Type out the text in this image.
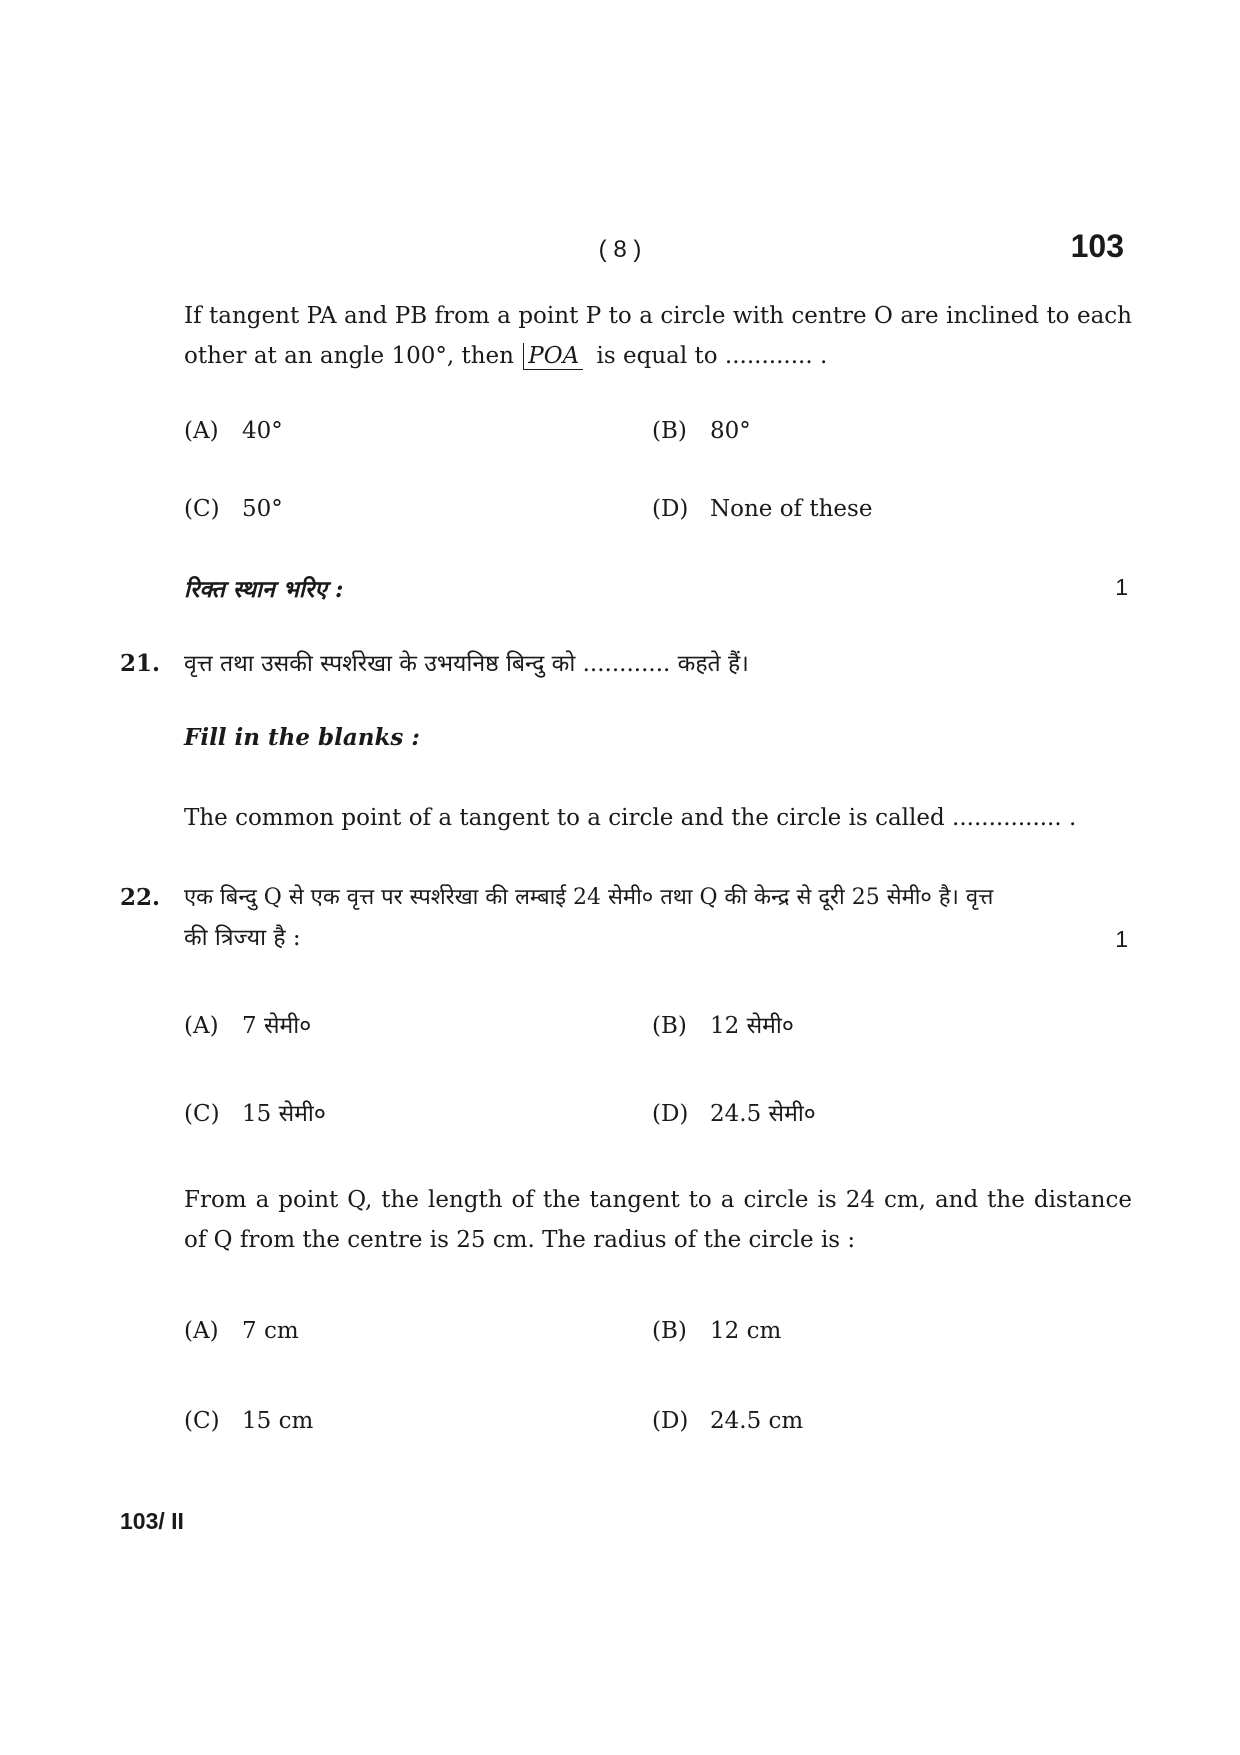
( 8 )	103
If tangent PA and PB from a point P to a circle with centre O are inclined to each other at an angle 100°, then POA is equal to ............ .
(A) 40°	(B) 80°
(C) 50°	(D) None of these
रिक्त स्थान भरिए :	1
21. वृत्त तथा उसकी स्पर्शरेखा के उभयनिष्ठ बिन्दु को ............ कहते हैं।
Fill in the blanks :
The common point of a tangent to a circle and the circle is called ............... .
22. एक बिन्दु Q से एक वृत्त पर स्पर्शरेखा की लम्बाई 24 सेमी० तथा Q की केन्द्र से दूरी 25 सेमी० है। वृत्त
की त्रिज्या है :	1
(A) 7 सेमी०	(B) 12 सेमी०
(C) 15 सेमी०	(D) 24.5 सेमी०
From a point Q, the length of the tangent to a circle is 24 cm, and the distance of Q from the centre is 25 cm. The radius of the circle is :
(A) 7 cm	(B) 12 cm
(C) 15 cm	(D) 24.5 cm
103/ II
